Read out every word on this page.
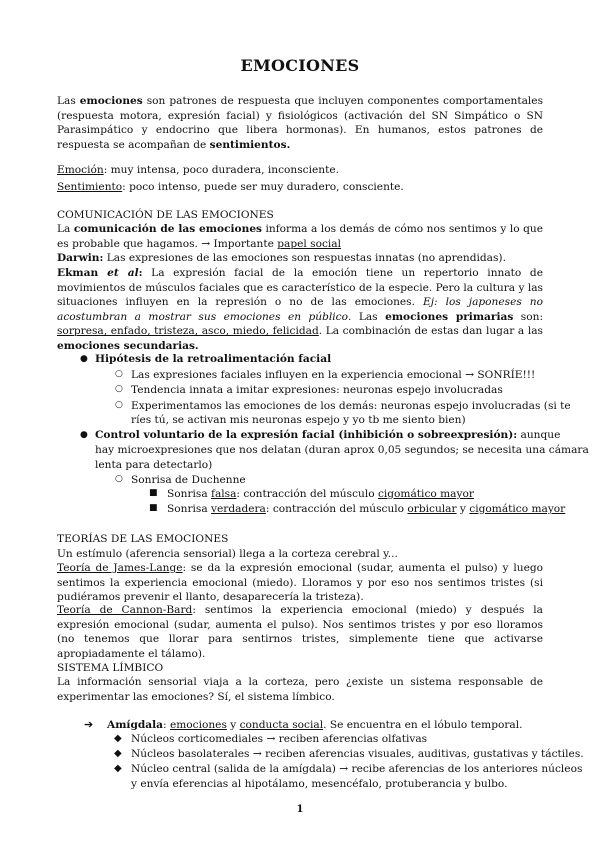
EMOCIONES
Las emociones son patrones de respuesta que incluyen componentes comportamentales (respuesta motora, expresión facial) y fisiológicos (activación del SN Simpático o SN Parasimpático y endocrino que libera hormonas). En humanos, estos patrones de respuesta se acompañan de sentimientos.
Emoción: muy intensa, poco duradera, inconsciente.
Sentimiento: poco intenso, puede ser muy duradero, consciente.
COMUNICACIÓN DE LAS EMOCIONES
La comunicación de las emociones informa a los demás de cómo nos sentimos y lo que es probable que hagamos. → Importante papel social
Darwin: Las expresiones de las emociones son respuestas innatas (no aprendidas).
Ekman et al: La expresión facial de la emoción tiene un repertorio innato de movimientos de músculos faciales que es característico de la especie. Pero la cultura y las situaciones influyen en la represión o no de las emociones. Ej: los japoneses no acostumbran a mostrar sus emociones en público. Las emociones primarias son: sorpresa, enfado, tristeza, asco, miedo, felicidad. La combinación de estas dan lugar a las emociones secundarias.
● Hipótesis de la retroalimentación facial
○ Las expresiones faciales influyen en la experiencia emocional → SONRÍE!!!
○ Tendencia innata a imitar expresiones: neuronas espejo involucradas
○ Experimentamos las emociones de los demás: neuronas espejo involucradas (si te
ríes tú, se activan mis neuronas espejo y yo tb me siento bien)
● Control voluntario de la expresión facial (inhibición o sobreexpresión): aunque
hay microexpresiones que nos delatan (duran aprox 0,05 segundos; se necesita una cámara
lenta para detectarlo)
○ Sonrisa de Duchenne
■ Sonrisa falsa: contracción del músculo cigomático mayor
■ Sonrisa verdadera: contracción del músculo orbicular y cigomático mayor
TEORÍAS DE LAS EMOCIONES
Un estímulo (aferencia sensorial) llega a la corteza cerebral y...
Teoría de James-Lange: se da la expresión emocional (sudar, aumenta el pulso) y luego sentimos la experiencia emocional (miedo). Lloramos y por eso nos sentimos tristes (si pudiéramos prevenir el llanto, desaparecería la tristeza).
Teoría de Cannon-Bard: sentimos la experiencia emocional (miedo) y después la expresión emocional (sudar, aumenta el pulso). Nos sentimos tristes y por eso lloramos (no tenemos que llorar para sentirnos tristes, simplemente tiene que activarse apropiadamente el tálamo).
SISTEMA LÍMBICO
La información sensorial viaja a la corteza, pero ¿existe un sistema responsable de experimentar las emociones? Sí, el sistema límbico.
➔ Amígdala: emociones y conducta social. Se encuentra en el lóbulo temporal.
◆ Núcleos corticomediales → reciben aferencias olfativas
◆ Núcleos basolaterales → reciben aferencias visuales, auditivas, gustativas y táctiles.
◆ Núcleo central (salida de la amígdala) → recibe aferencias de los anteriores núcleos
y envía eferencias al hipotálamo, mesencéfalo, protuberancia y bulbo.
1
